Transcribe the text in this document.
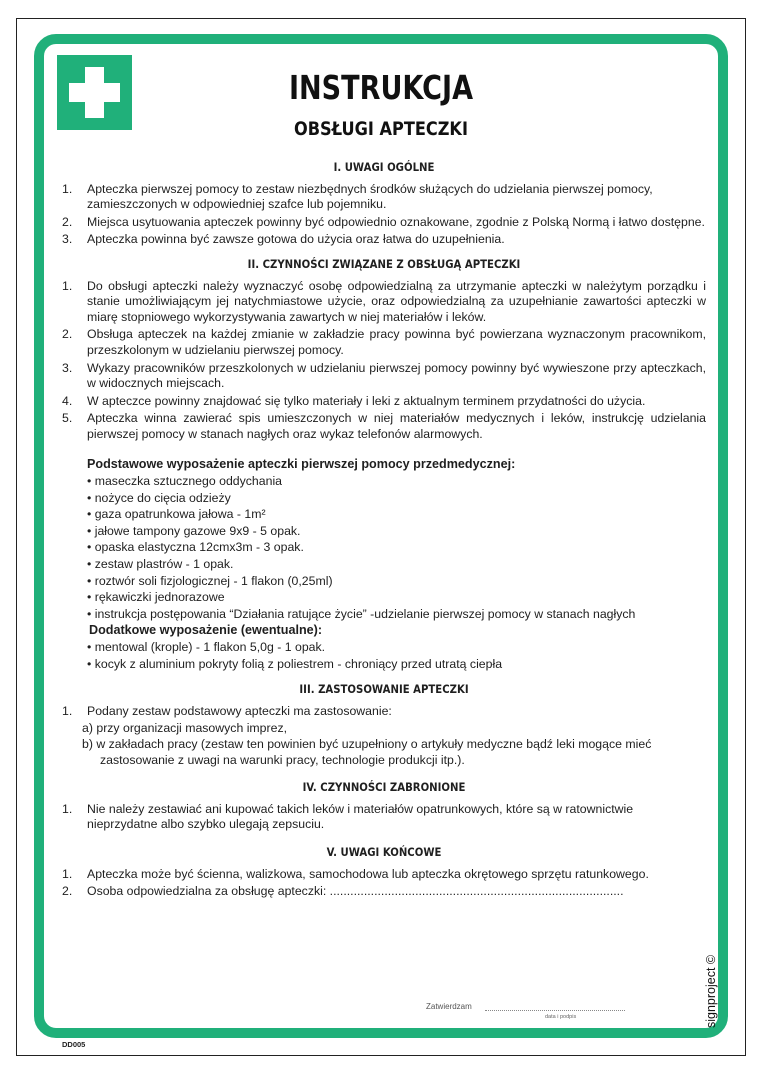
INSTRUKCJA
OBSŁUGI APTECZKI
I. UWAGI OGÓLNE
1.	Apteczka pierwszej pomocy to zestaw niezbędnych środków służących do udzielania pierwszej pomocy, zamieszczonych w odpowiedniej szafce lub pojemniku.
2.	Miejsca usytuowania apteczek powinny być odpowiednio oznakowane, zgodnie z Polską Normą i łatwo dostępne.
3.	Apteczka powinna być zawsze gotowa do użycia oraz łatwa do uzupełnienia.
II. CZYNNOŚCI ZWIĄZANE Z OBSŁUGĄ APTECZKI
1.	Do obsługi apteczki należy wyznaczyć osobę odpowiedzialną za utrzymanie apteczki w należytym porządku i stanie umożliwiającym jej natychmiastowe użycie, oraz odpowiedzialną za uzupełnianie zawartości apteczki w miarę stopniowego wykorzystywania zawartych w niej materiałów i leków.
2.	Obsługa apteczek na każdej zmianie w zakładzie pracy powinna być powierzana wyznaczonym pracownikom, przeszkolonym w udzielaniu pierwszej pomocy.
3.	Wykazy pracowników przeszkolonych w udzielaniu pierwszej pomocy powinny być wywieszone przy apteczkach, w widocznych miejscach.
4.	W apteczce powinny znajdować się tylko materiały i leki z aktualnym terminem przydatności do użycia.
5.	Apteczka winna zawierać spis umieszczonych w niej materiałów medycznych i leków, instrukcję udzielania pierwszej pomocy w stanach nagłych oraz wykaz telefonów alarmowych.
Podstawowe wyposażenie apteczki pierwszej pomocy przedmedycznej:
• maseczka sztucznego oddychania
• nożyce do cięcia odzieży
• gaza opatrunkowa jałowa - 1m²
• jałowe tampony gazowe 9x9 - 5 opak.
• opaska elastyczna 12cmx3m - 3 opak.
• zestaw plastrów - 1 opak.
• roztwór soli fizjologicznej - 1 flakon (0,25ml)
• rękawiczki jednorazowe
• instrukcja postępowania “Działania ratujące życie” -udzielanie pierwszej pomocy w stanach nagłych
Dodatkowe wyposażenie (ewentualne):
• mentowal (krople) - 1 flakon 5,0g - 1 opak.
• kocyk z aluminium pokryty folią z poliestrem - chroniący przed utratą ciepła
III. ZASTOSOWANIE APTECZKI
1.	Podany zestaw podstawowy apteczki ma zastosowanie:
a) przy organizacji masowych imprez,
b) w zakładach pracy (zestaw ten powinien być uzupełniony o artykuły medyczne bądź leki mogące mieć
zastosowanie z uwagi na warunki pracy, technologie produkcji itp.).
IV. CZYNNOŚCI ZABRONIONE
1.	Nie należy zestawiać ani kupować takich leków i materiałów opatrunkowych, które są w ratownictwie nieprzydatne albo szybko ulegają zepsuciu.
V. UWAGI KOŃCOWE
1.	Apteczka może być ścienna, walizkowa, samochodowa lub apteczka okrętowego sprzętu ratunkowego.
2.	Osoba odpowiedzialna za obsługę apteczki: ......................................................................................
Zatwierdzam
data i podpis	signproject ©
DD005
